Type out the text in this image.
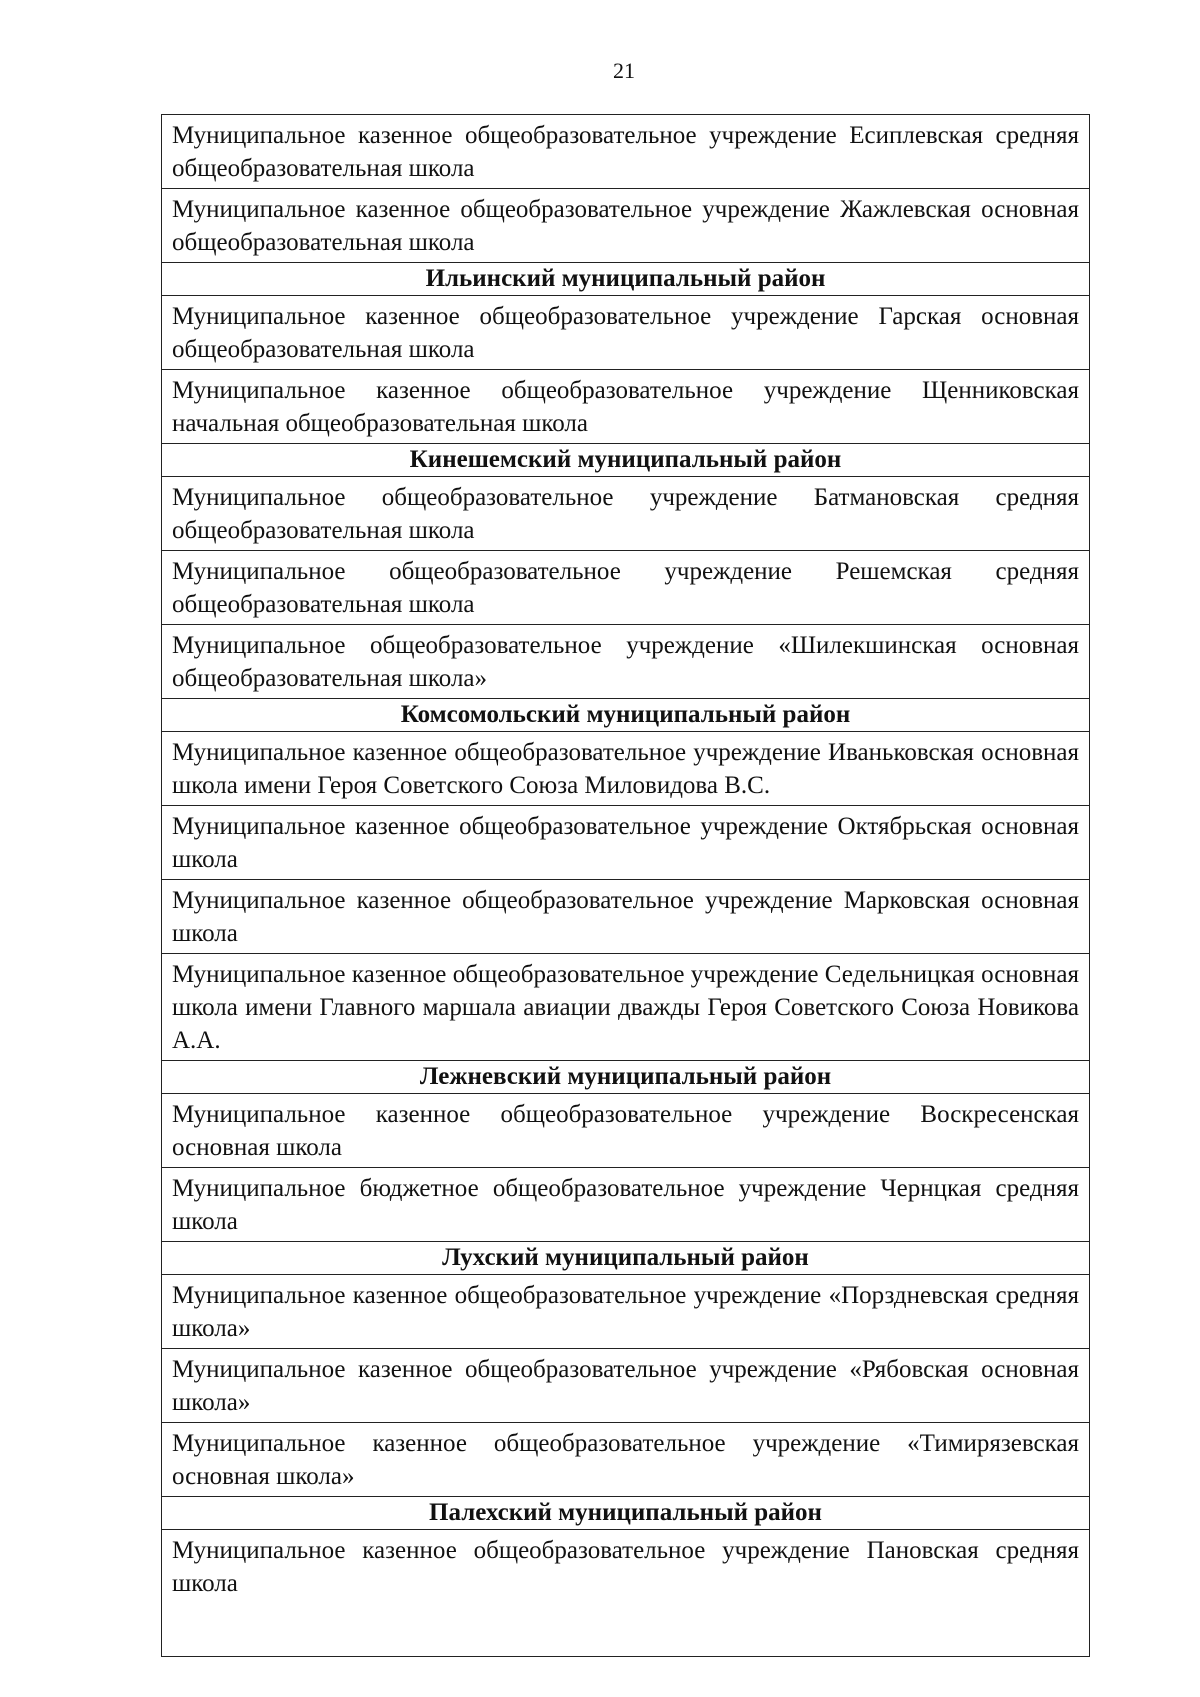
21
Муниципальное казенное общеобразовательное учреждение Есиплевская средняя общеобразовательная школа
Муниципальное казенное общеобразовательное учреждение Жажлевская основная общеобразовательная школа
Ильинский муниципальный район
Муниципальное казенное общеобразовательное учреждение Гарская основная общеобразовательная школа
Муниципальное казенное общеобразовательное учреждение Щенниковская начальная общеобразовательная школа
Кинешемский муниципальный район
Муниципальное общеобразовательное учреждение Батмановская средняя общеобразовательная школа
Муниципальное общеобразовательное учреждение Решемская средняя общеобразовательная школа
Муниципальное общеобразовательное учреждение «Шилекшинская основная общеобразовательная школа»
Комсомольский муниципальный район
Муниципальное казенное общеобразовательное учреждение Иваньковская основная школа имени Героя Советского Союза Миловидова В.С.
Муниципальное казенное общеобразовательное учреждение Октябрьская основная школа
Муниципальное казенное общеобразовательное учреждение Марковская основная школа
Муниципальное казенное общеобразовательное учреждение Седельницкая основная школа имени Главного маршала авиации дважды Героя Советского Союза Новикова А.А.
Лежневский муниципальный район
Муниципальное казенное общеобразовательное учреждение Воскресенская основная школа
Муниципальное бюджетное общеобразовательное учреждение Чернцкая средняя школа
Лухский муниципальный район
Муниципальное казенное общеобразовательное учреждение «Порздневская средняя школа»
Муниципальное казенное общеобразовательное учреждение «Рябовская основная школа»
Муниципальное казенное общеобразовательное учреждение «Тимирязевская основная школа»
Палехский муниципальный район
Муниципальное казенное общеобразовательное учреждение Пановская средняя школа
